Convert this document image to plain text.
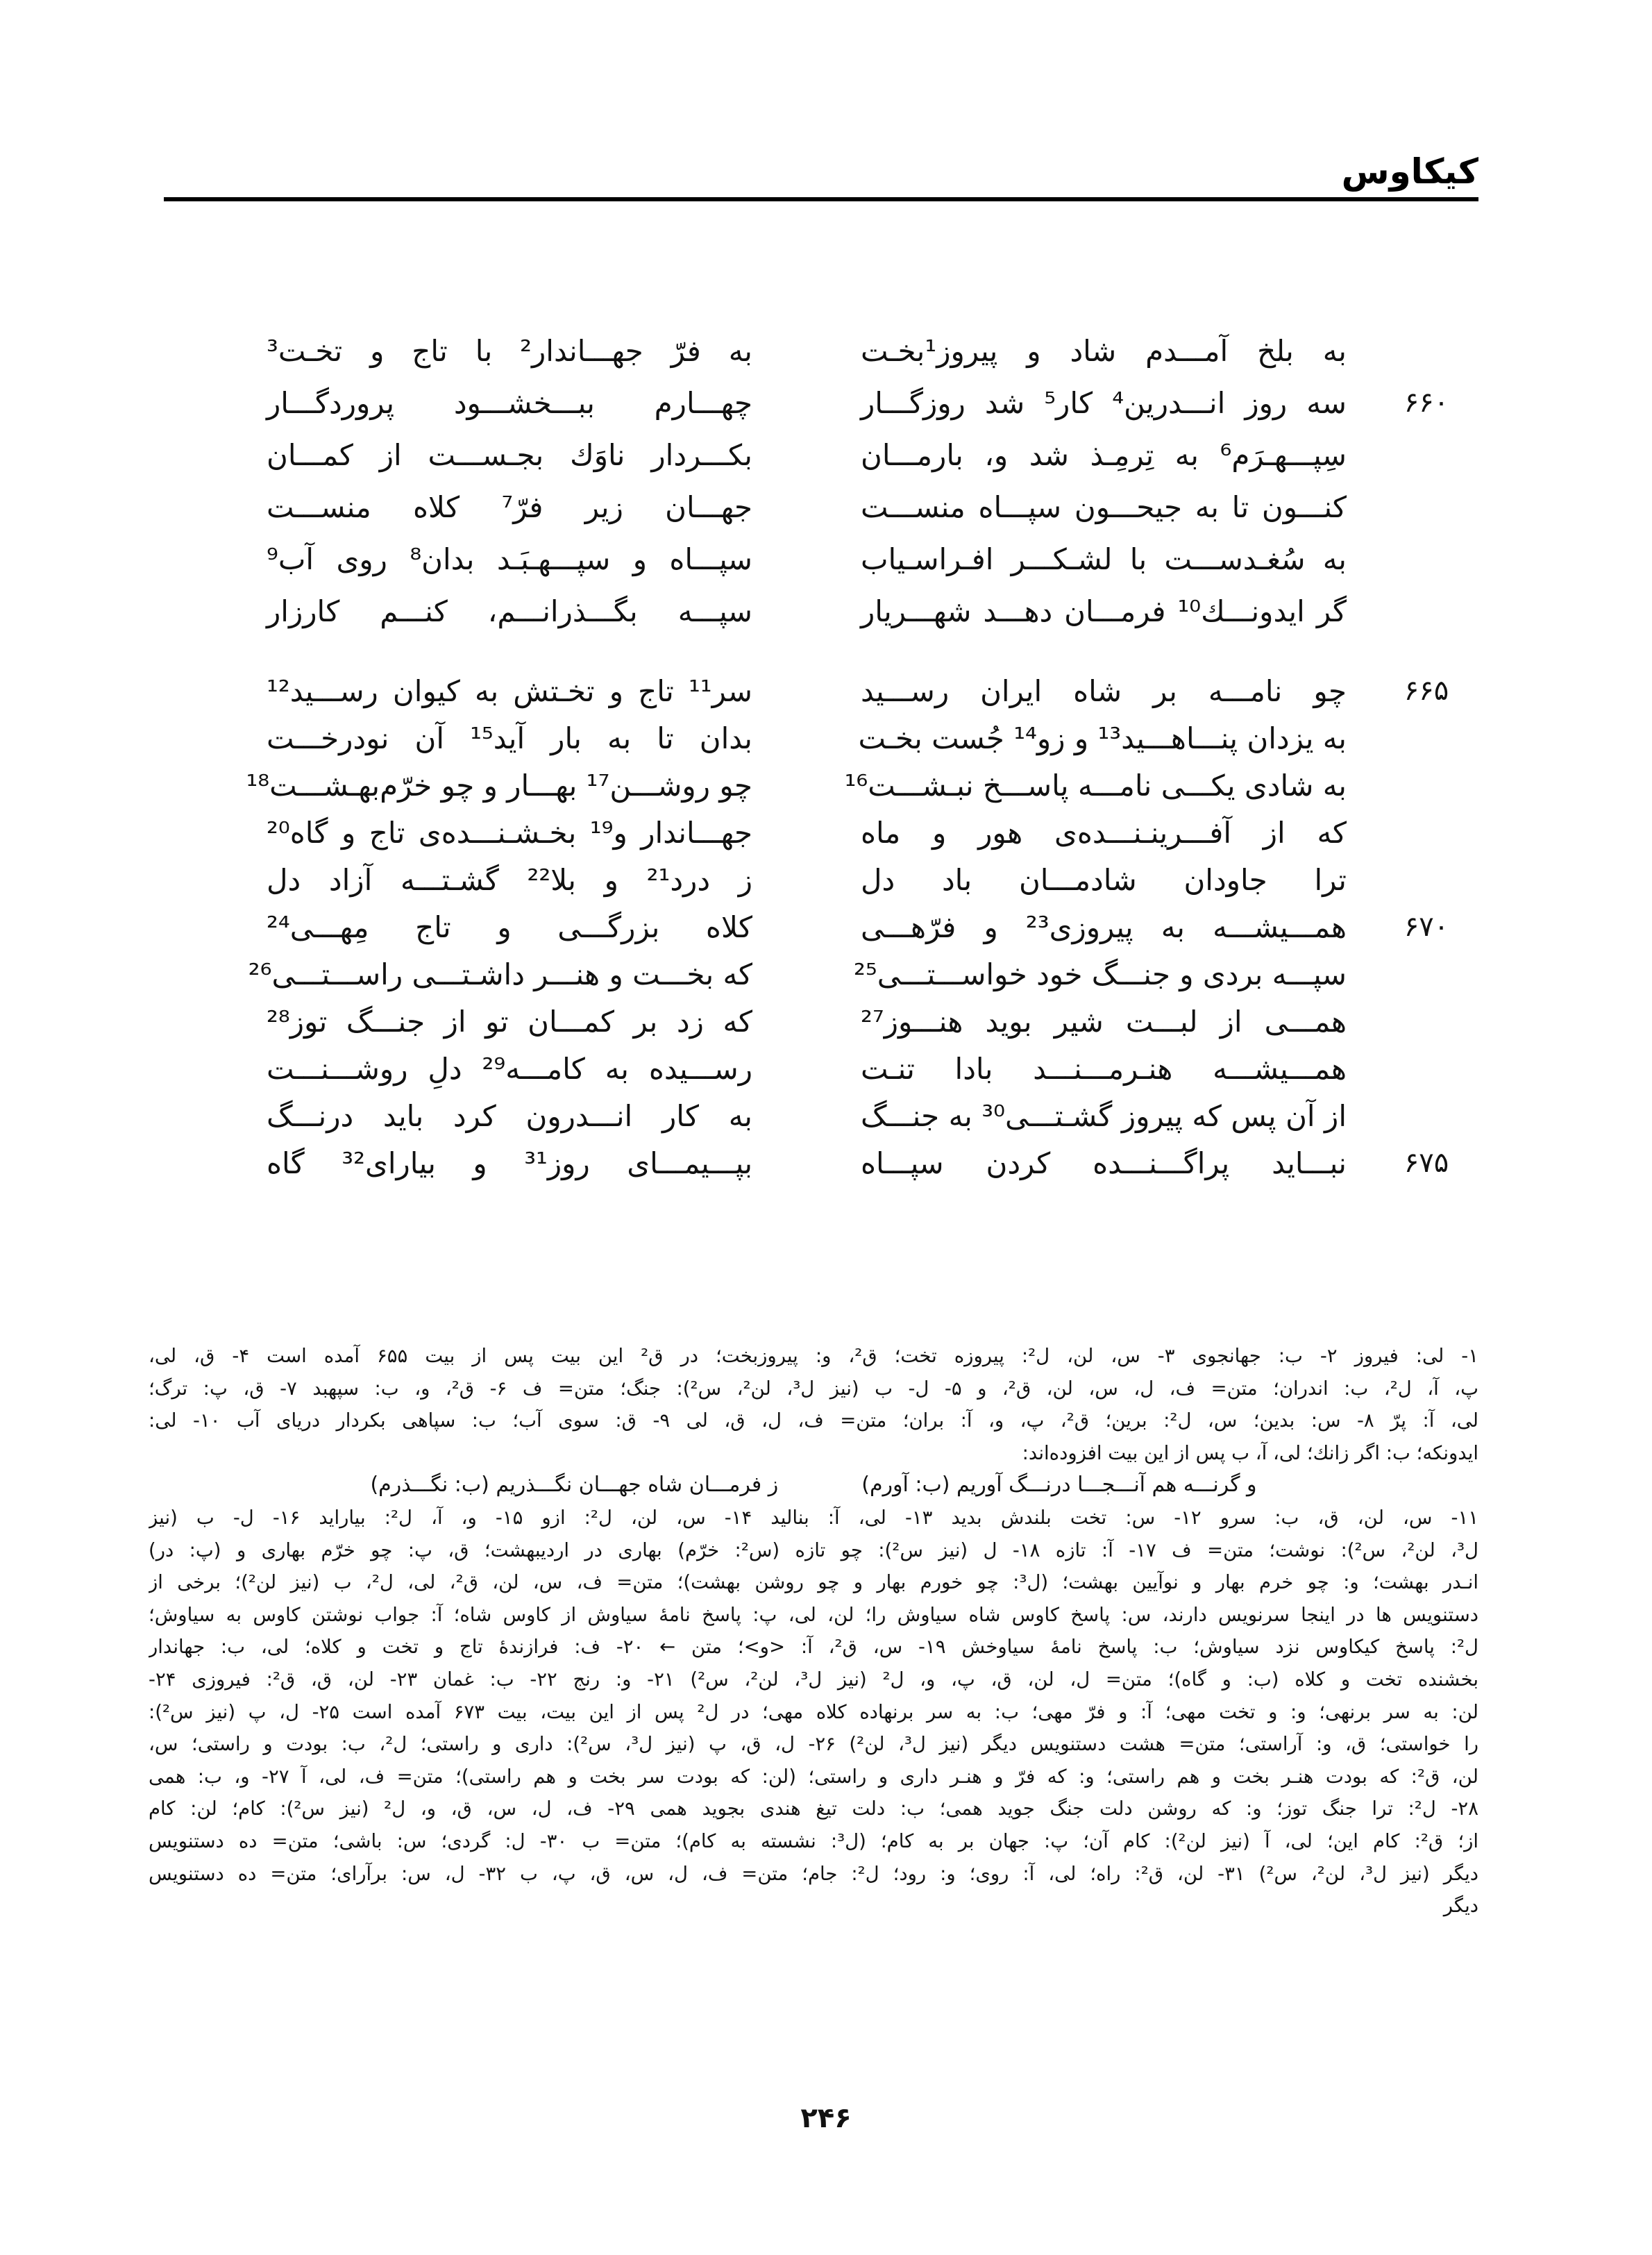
کیکاوس
به بلخ آمـــدم شاد و پیروز¹بخـت
به فرّ جهـــاندار² با تاج و تخـت³
۶۶۰
سه روز انـــدرین⁴ کار⁵ شد روزگـــار
چهـــارم ببـــخشـــود پروردگـــار
سِپـــهـرَم⁶ به تِرمِـذ شد و، بارمـــان
بکـــردار ناوَك بجـســـت از کمـــان
کنـــون تا به جیحـــون سپـــاه منســـت
جهـــان زیر فرّ⁷ کلاه منســـت
به سُغـدســـت با لشـکـــر افـراسـیاب
سپـــاه و سپـــهـبَـد بدان⁸ روی آب⁹
گر ایدونـــك¹⁰ فرمـــان دهـــد شهـــریار
سپـــه بگـــذرانـــم، کنـــم کارزار
۶۶۵
چو نامـــه بر شاه ایران رســـید
سر¹¹ تاج و تخـتش به کیوان رســـید¹²
به یزدان پنـــاهـــید¹³ و زو¹⁴ جُست بخـت
بدان تا به بار آید¹⁵ آن نودرخـــت
به شادی یکـــی نامـــه پاســـخ نبـشـــت¹⁶
چو روشـــن¹⁷ بهـــار و چو خرّم‌بهـشـــت¹⁸
که از آفـــرینـنـــده‌ی هور و ماه
جهـــاندار و¹⁹ بخـشـنـــده‌ی تاج و گاه²⁰
ترا جاودان شادمـــان باد دل
ز درد²¹ و بلا²² گشـتـــه آزاد دل
۶۷۰
همـــیشـــه به پیروزی²³ و فرّهـــی
کلاه بزرگـــی و تاج مِهـــی²⁴
سپـــه بردی و جنـــگ خود خواســـتـــی²⁵
که بخـــت و هنـــر داشـتـــی راســـتـــی²⁶
همـــی از لبـــت شیر بوید هنـــوز²⁷
که زد بر کمـــان تو از جنـــگ توز²⁸
همـــیشـــه هنـرمـــنـــد بادا تنـت
رســـیده به کامـــه²⁹ دلِ روشـــنـــت
از آن پس که پیروز گشـتـــی³⁰ به جنـــگ
به کار انـــدرون کرد باید درنـــگ
۶۷۵
نبـــاید پراگـــنـــده کردن سپـــاه
بپـــیمـــای روز³¹ و بیارای³² گاه
۱- لی: فیروز ۲- ب: جهانجوی ۳- س، لن، ل²: پیروزه تخت؛ ق²، و: پیروزبخت؛ در ق² این بیت پس از بیت ۶۵۵ آمده است ۴- ق، لی،
پ، آ، ل²، ب: اندران؛ متن= ف، ل، س، لن، ق²، و ۵- ل- ب (نیز ل³، لن²، س²): جنگ؛ متن= ف ۶- ق²، و، ب: سپهبد ۷- ق، پ: ترگ؛
لی، آ: پرّ ۸- س: بدین؛ س، ل²: برین؛ ق²، پ، و، آ: بران؛ متن= ف، ل، ق، لی ۹- ق: سوی آب؛ ب: سپاهی بکردار دریای آب ۱۰- لی:
ایدونکه؛ ب: اگر زانك؛ لی، آ، ب پس از این بیت افزوده‌اند:
و گرنـــه هم آنـــجـــا درنـــگ آوریم (ب: آورم)
ز فرمـــان شاه جهـــان نگـــذریم (ب: نگـــذرم)
۱۱- س، لن، ق، ب: سرو ۱۲- س: تخت بلندش بدید ۱۳- لی، آ: بنالید ۱۴- س، لن، ل²: ازو ۱۵- و، آ، ل²: بیاراید ۱۶- ل- ب (نیز
ل³، لن²، س²): نوشت؛ متن= ف ۱۷- آ: تازه ۱۸- ل (نیز س²): چو تازه (س²: خرّم) بهاری در اردیبهشت؛ ق، پ: چو خرّم بهاری و (پ: در)
انـدر بهشت؛ و: چو خرم بهار و نوآیین بهشت؛ (ل³: چو خورم بهار و چو روشن بهشت)؛ متن= ف، س، لن، ق²، لی، ل²، ب (نیز لن²)؛ برخی از
دستنویس ها در اینجا سرنویس دارند، س: پاسخ کاوس شاه سیاوش را؛ لن، لی، پ: پاسخ نامهٔ سیاوش از کاوس شاه؛ آ: جواب نوشتن کاوس به سیاوش؛
ل²: پاسخ کیکاوس نزد سیاوش؛ ب: پاسخ نامهٔ سیاوخش ۱۹- س، ق²، آ: <و>؛ متن ← ۲۰- ف: فرازندهٔ تاج و تخت و کلاه؛ لی، ب: جهاندار
بخشنده تخت و کلاه (ب: و گاه)؛ متن= ل، لن، ق، پ، و، ل² (نیز ل³، لن²، س²) ۲۱- و: رنج ۲۲- ب: غمان ۲۳- لن، ق، ق²: فیروزی ۲۴-
لن: به سر برنهی؛ و: و تخت مهی؛ آ: و فرّ مهی؛ ب: به سر برنهاده کلاه مهی؛ در ل² پس از این بیت، بیت ۶۷۳ آمده است ۲۵- ل، پ (نیز س²):
را خواستی؛ ق، و: آراستی؛ متن= هشت دستنویس دیگر (نیز ل³، لن²) ۲۶- ل، ق، پ (نیز ل³، س²): داری و راستی؛ ل²، ب: بودت و راستی؛ س،
لن، ق²: که بودت هنـر بخت و هم راستی؛ و: که فرّ و هنـر داری و راستی؛ (لن: که بودت سر بخت و هم راستی)؛ متن= ف، لی، آ ۲۷- و، ب: همی
۲۸- ل²: ترا جنگ توز؛ و: که روشن دلت جنگ جوید همی؛ ب: دلت تیغ هندی بجوید همی ۲۹- ف، ل، س، ق، و، ل² (نیز س²): کام؛ لن: کام
از؛ ق²: کام این؛ لی، آ (نیز لن²): کام آن؛ پ: جهان بر به کام؛ (ل³: نشسته به کام)؛ متن= ب ۳۰- ل: گردی؛ س: باشی؛ متن= ده دستنویس
دیگر (نیز ل³، لن²، س²) ۳۱- لن، ق²: راه؛ لی، آ: روی؛ و: رود؛ ل²: جام؛ متن= ف، ل، س، ق، پ، ب ۳۲- ل، س: برآرای؛ متن= ده دستنویس
دیگر
۲۴۶
